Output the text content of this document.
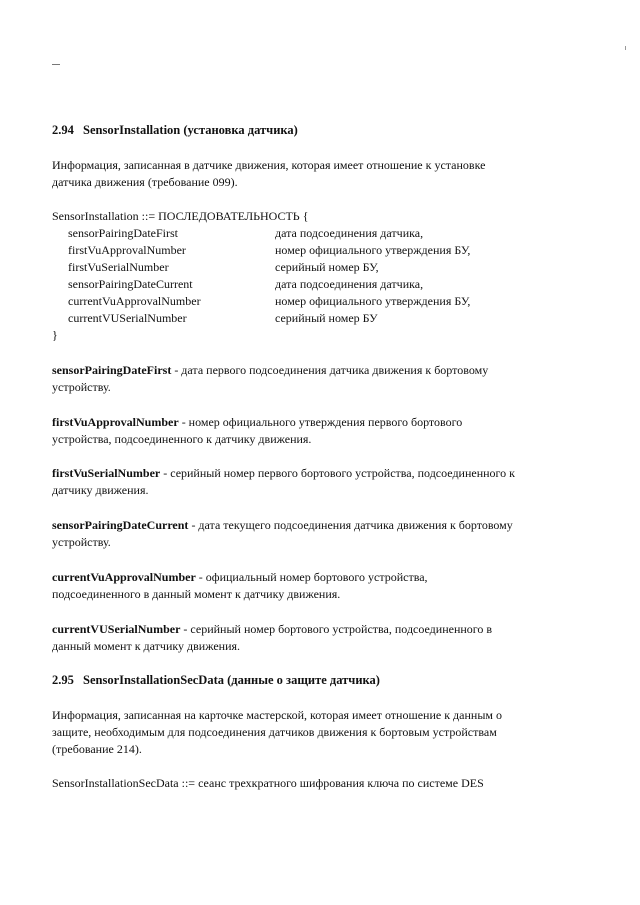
2.94 SensorInstallation (установка датчика)

Информация, записанная в датчике движения, которая имеет отношение к установке датчика движения (требование 099).

SensorInstallation ::= ПОСЛЕДОВАТЕЛЬНОСТЬ {
sensorPairingDateFirst	дата подсоединения датчика,
firstVuApprovalNumber	номер официального утверждения БУ,
firstVuSerialNumber	серийный номер БУ,
sensorPairingDateCurrent	дата подсоединения датчика,
currentVuApprovalNumber	номер официального утверждения БУ,
currentVUSerialNumber	серийный номер БУ
}

sensorPairingDateFirst - дата первого подсоединения датчика движения к бортовому устройству.

firstVuApprovalNumber - номер официального утверждения первого бортового устройства, подсоединенного к датчику движения.

firstVuSerialNumber - серийный номер первого бортового устройства, подсоединенного к датчику движения.

sensorPairingDateCurrent - дата текущего подсоединения датчика движения к бортовому устройству.

currentVuApprovalNumber - официальный номер бортового устройства, подсоединенного в данный момент к датчику движения.

currentVUSerialNumber - серийный номер бортового устройства, подсоединенного в данный момент к датчику движения.

2.95 SensorInstallationSecData (данные о защите датчика)

Информация, записанная на карточке мастерской, которая имеет отношение к данным о защите, необходимым для подсоединения датчиков движения к бортовым устройствам (требование 214).

SensorInstallationSecData ::= сеанс трехкратного шифрования ключа по системе DES
